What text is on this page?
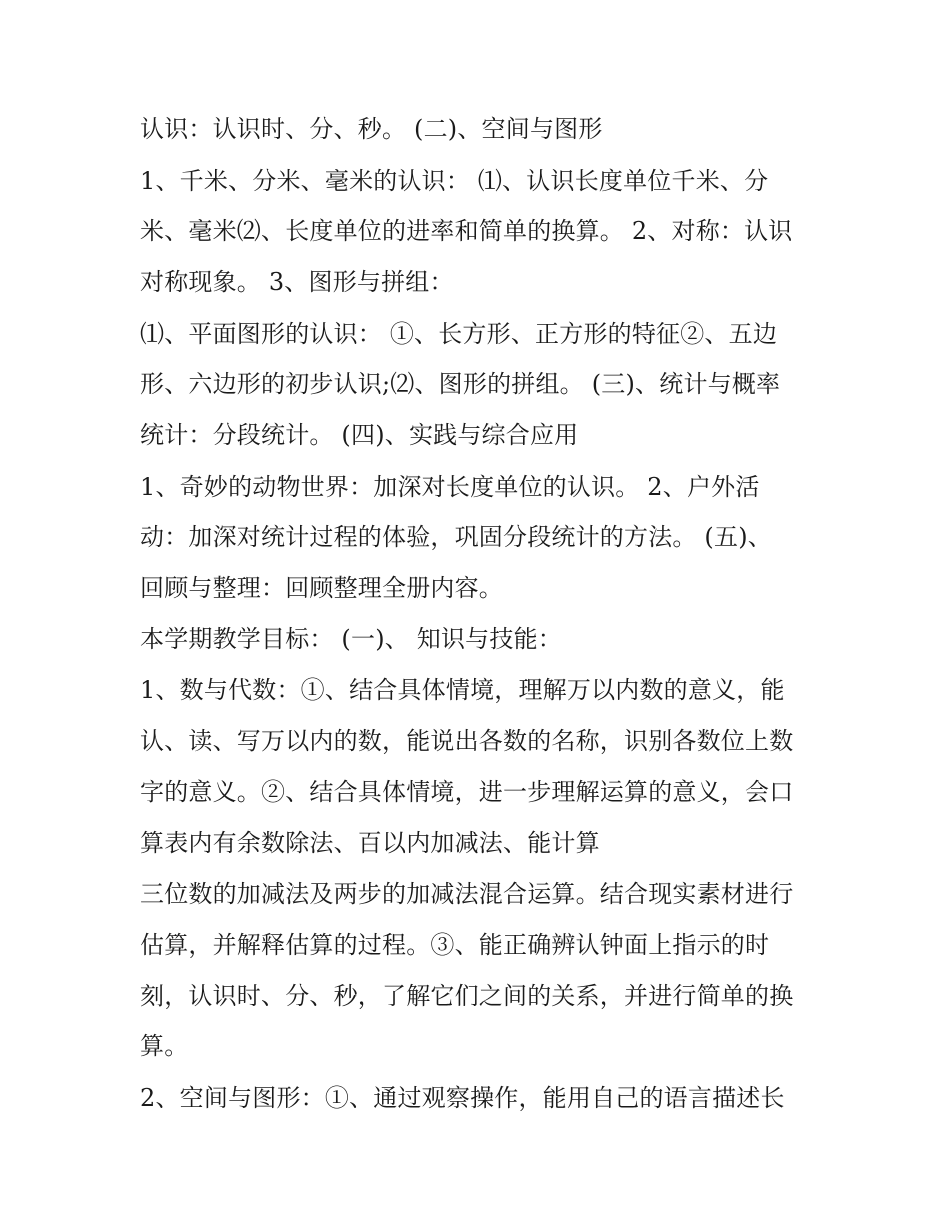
认识：认识时、分、秒。 (二)、空间与图形
1、千米、分米、毫米的认识： ⑴、认识长度单位千米、分
米、毫米⑵、长度单位的进率和简单的换算。 2、对称：认识
对称现象。 3、图形与拼组：
⑴、平面图形的认识： ①、长方形、正方形的特征②、五边
形、六边形的初步认识;⑵、图形的拼组。 (三)、统计与概率
统计：分段统计。 (四)、实践与综合应用
1、奇妙的动物世界：加深对长度单位的认识。 2、户外活
动：加深对统计过程的体验，巩固分段统计的方法。 (五)、
回顾与整理：回顾整理全册内容。
本学期教学目标： (一)、 知识与技能：
1、数与代数：①、结合具体情境，理解万以内数的意义，能
认、读、写万以内的数，能说出各数的名称，识别各数位上数
字的意义。②、结合具体情境，进一步理解运算的意义，会口
算表内有余数除法、百以内加减法、能计算
三位数的加减法及两步的加减法混合运算。结合现实素材进行
估算，并解释估算的过程。③、能正确辨认钟面上指示的时
刻，认识时、分、秒，了解它们之间的关系，并进行简单的换
算。
2、空间与图形：①、通过观察操作，能用自己的语言描述长
